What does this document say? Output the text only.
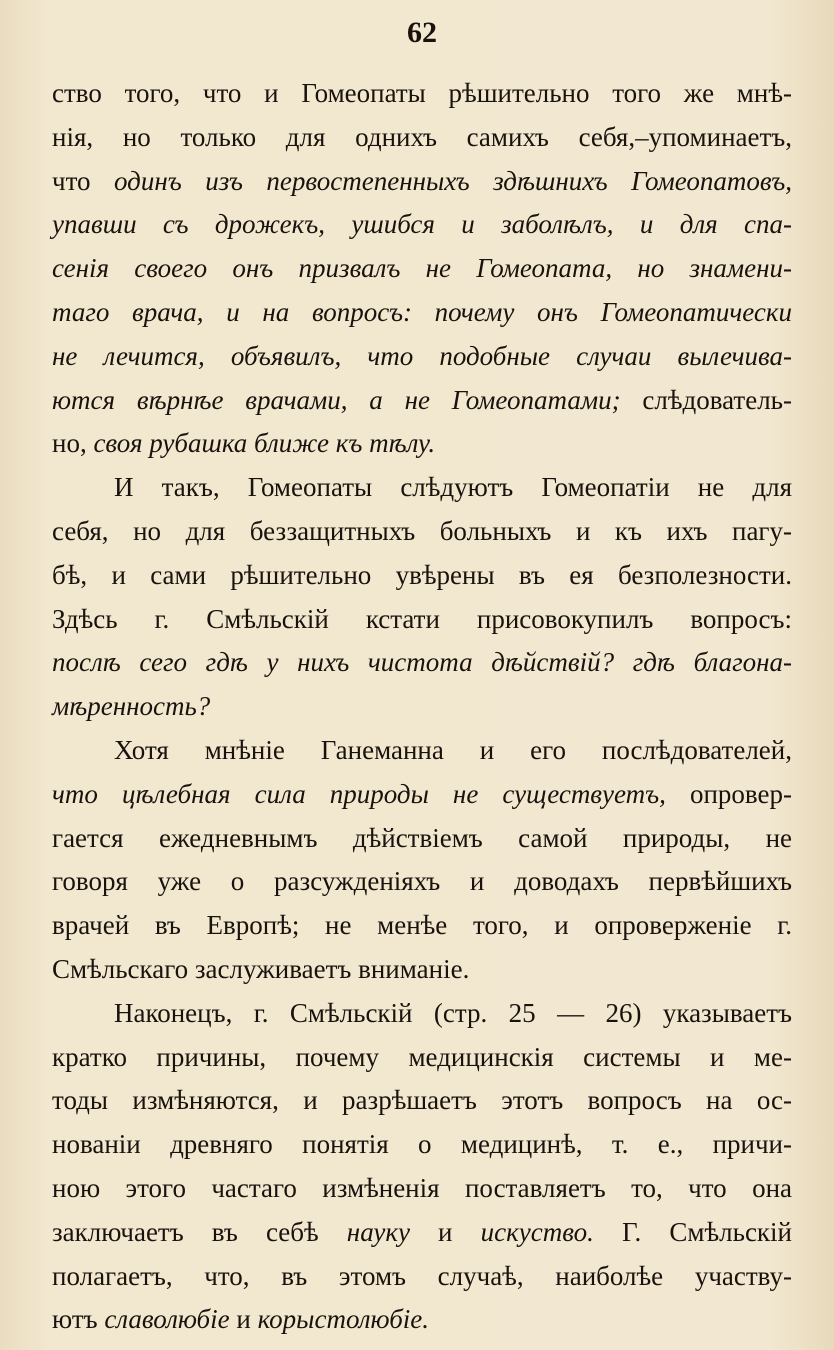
62
ство того, что и Гомеопаты рѣшительно того же мнѣ-
нія, но только для однихъ самихъ себя,–упоминаетъ,
что одинъ изъ первостепенныхъ здѣшнихъ Гомеопатовъ,
упавши съ дрожекъ, ушибся и заболѣлъ, и для спа-
сенія своего онъ призвалъ не Гомеопата, но знамени-
таго врача, и на вопросъ: почему онъ Гомеопатически
не лечится, объявилъ, что подобные случаи вылечива-
ются вѣрнѣе врачами, а не Гомеопатами; слѣдователь-
но, своя рубашка ближе къ тѣлу.
И такъ, Гомеопаты слѣдуютъ Гомеопатіи не для
себя, но для беззащитныхъ больныхъ и къ ихъ пагу-
бѣ, и сами рѣшительно увѣрены въ ея безполезности.
Здѣсь г. Смѣльскій кстати присовокупилъ вопросъ:
послѣ сего гдѣ у нихъ чистота дѣйствій? гдѣ благона-
мѣренность?
Хотя мнѣніе Ганеманна и его послѣдователей,
что цѣлебная сила природы не существуетъ, опровер-
гается ежедневнымъ дѣйствіемъ самой природы, не
говоря уже о разсужденіяхъ и доводахъ первѣйшихъ
врачей въ Европѣ; не менѣе того, и опроверженіе г.
Смѣльскаго заслуживаетъ вниманіе.
Наконецъ, г. Смѣльскій (стр. 25 — 26) указываетъ
кратко причины, почему медицинскія системы и ме-
тоды измѣняются, и разрѣшаетъ этотъ вопросъ на ос-
нованіи древняго понятія о медицинѣ, т. е., причи-
ною этого частаго измѣненія поставляетъ то, что она
заключаетъ въ себѣ науку и искуство. Г. Смѣльскій
полагаетъ, что, въ этомъ случаѣ, наиболѣе участву-
ютъ славолюбіе и корыстолюбіе.
